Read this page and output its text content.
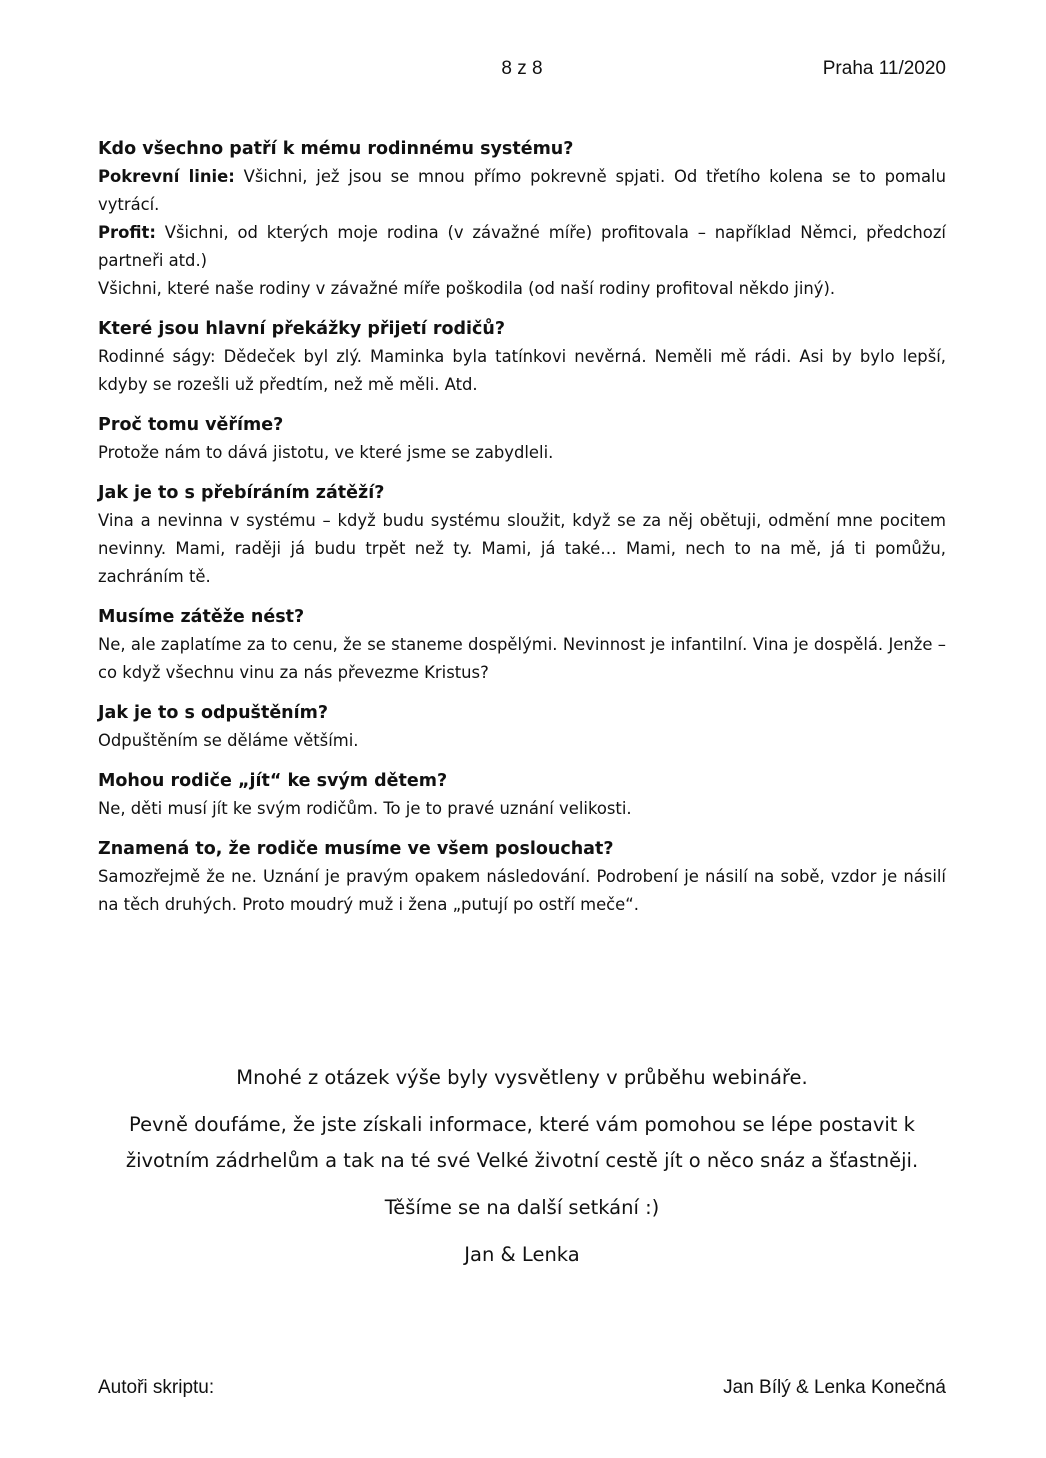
8 z 8	Praha 11/2020

Kdo všechno patří k mému rodinnému systému?

Pokrevní linie: Všichni, jež jsou se mnou přímo pokrevně spjati. Od třetího kolena se to pomalu vytrácí.

Profit: Všichni, od kterých moje rodina (v závažné míře) profitovala – například Němci, předchozí partneři atd.)

Všichni, které naše rodiny v závažné míře poškodila (od naší rodiny profitoval někdo jiný).

Které jsou hlavní překážky přijetí rodičů?

Rodinné ságy: Dědeček byl zlý. Maminka byla tatínkovi nevěrná. Neměli mě rádi. Asi by bylo lepší, kdyby se rozešli už předtím, než mě měli. Atd.

Proč tomu věříme?

Protože nám to dává jistotu, ve které jsme se zabydleli.

Jak je to s přebíráním zátěží?

Vina a nevinna v systému – když budu systému sloužit, když se za něj obětuji, odmění mne pocitem nevinny. Mami, raději já budu trpět než ty. Mami, já také… Mami, nech to na mě, já ti pomůžu, zachráním tě.

Musíme zátěže nést?

Ne, ale zaplatíme za to cenu, že se staneme dospělými. Nevinnost je infantilní. Vina je dospělá. Jenže – co když všechnu vinu za nás převezme Kristus?

Jak je to s odpuštěním?

Odpuštěním se děláme většími.

Mohou rodiče „jít“ ke svým dětem?

Ne, děti musí jít ke svým rodičům. To je to pravé uznání velikosti.

Znamená to, že rodiče musíme ve všem poslouchat?

Samozřejmě že ne. Uznání je pravým opakem následování. Podrobení je násilí na sobě, vzdor je násilí na těch druhých. Proto moudrý muž i žena „putují po ostří meče“.

Mnohé z otázek výše byly vysvětleny v průběhu webináře.

Pevně doufáme, že jste získali informace, které vám pomohou se lépe postavit k životním zádrhelům a tak na té své Velké životní cestě jít o něco snáz a šťastněji.

Těšíme se na další setkání :)

Jan & Lenka

Autoři skriptu:	Jan Bílý & Lenka Konečná
